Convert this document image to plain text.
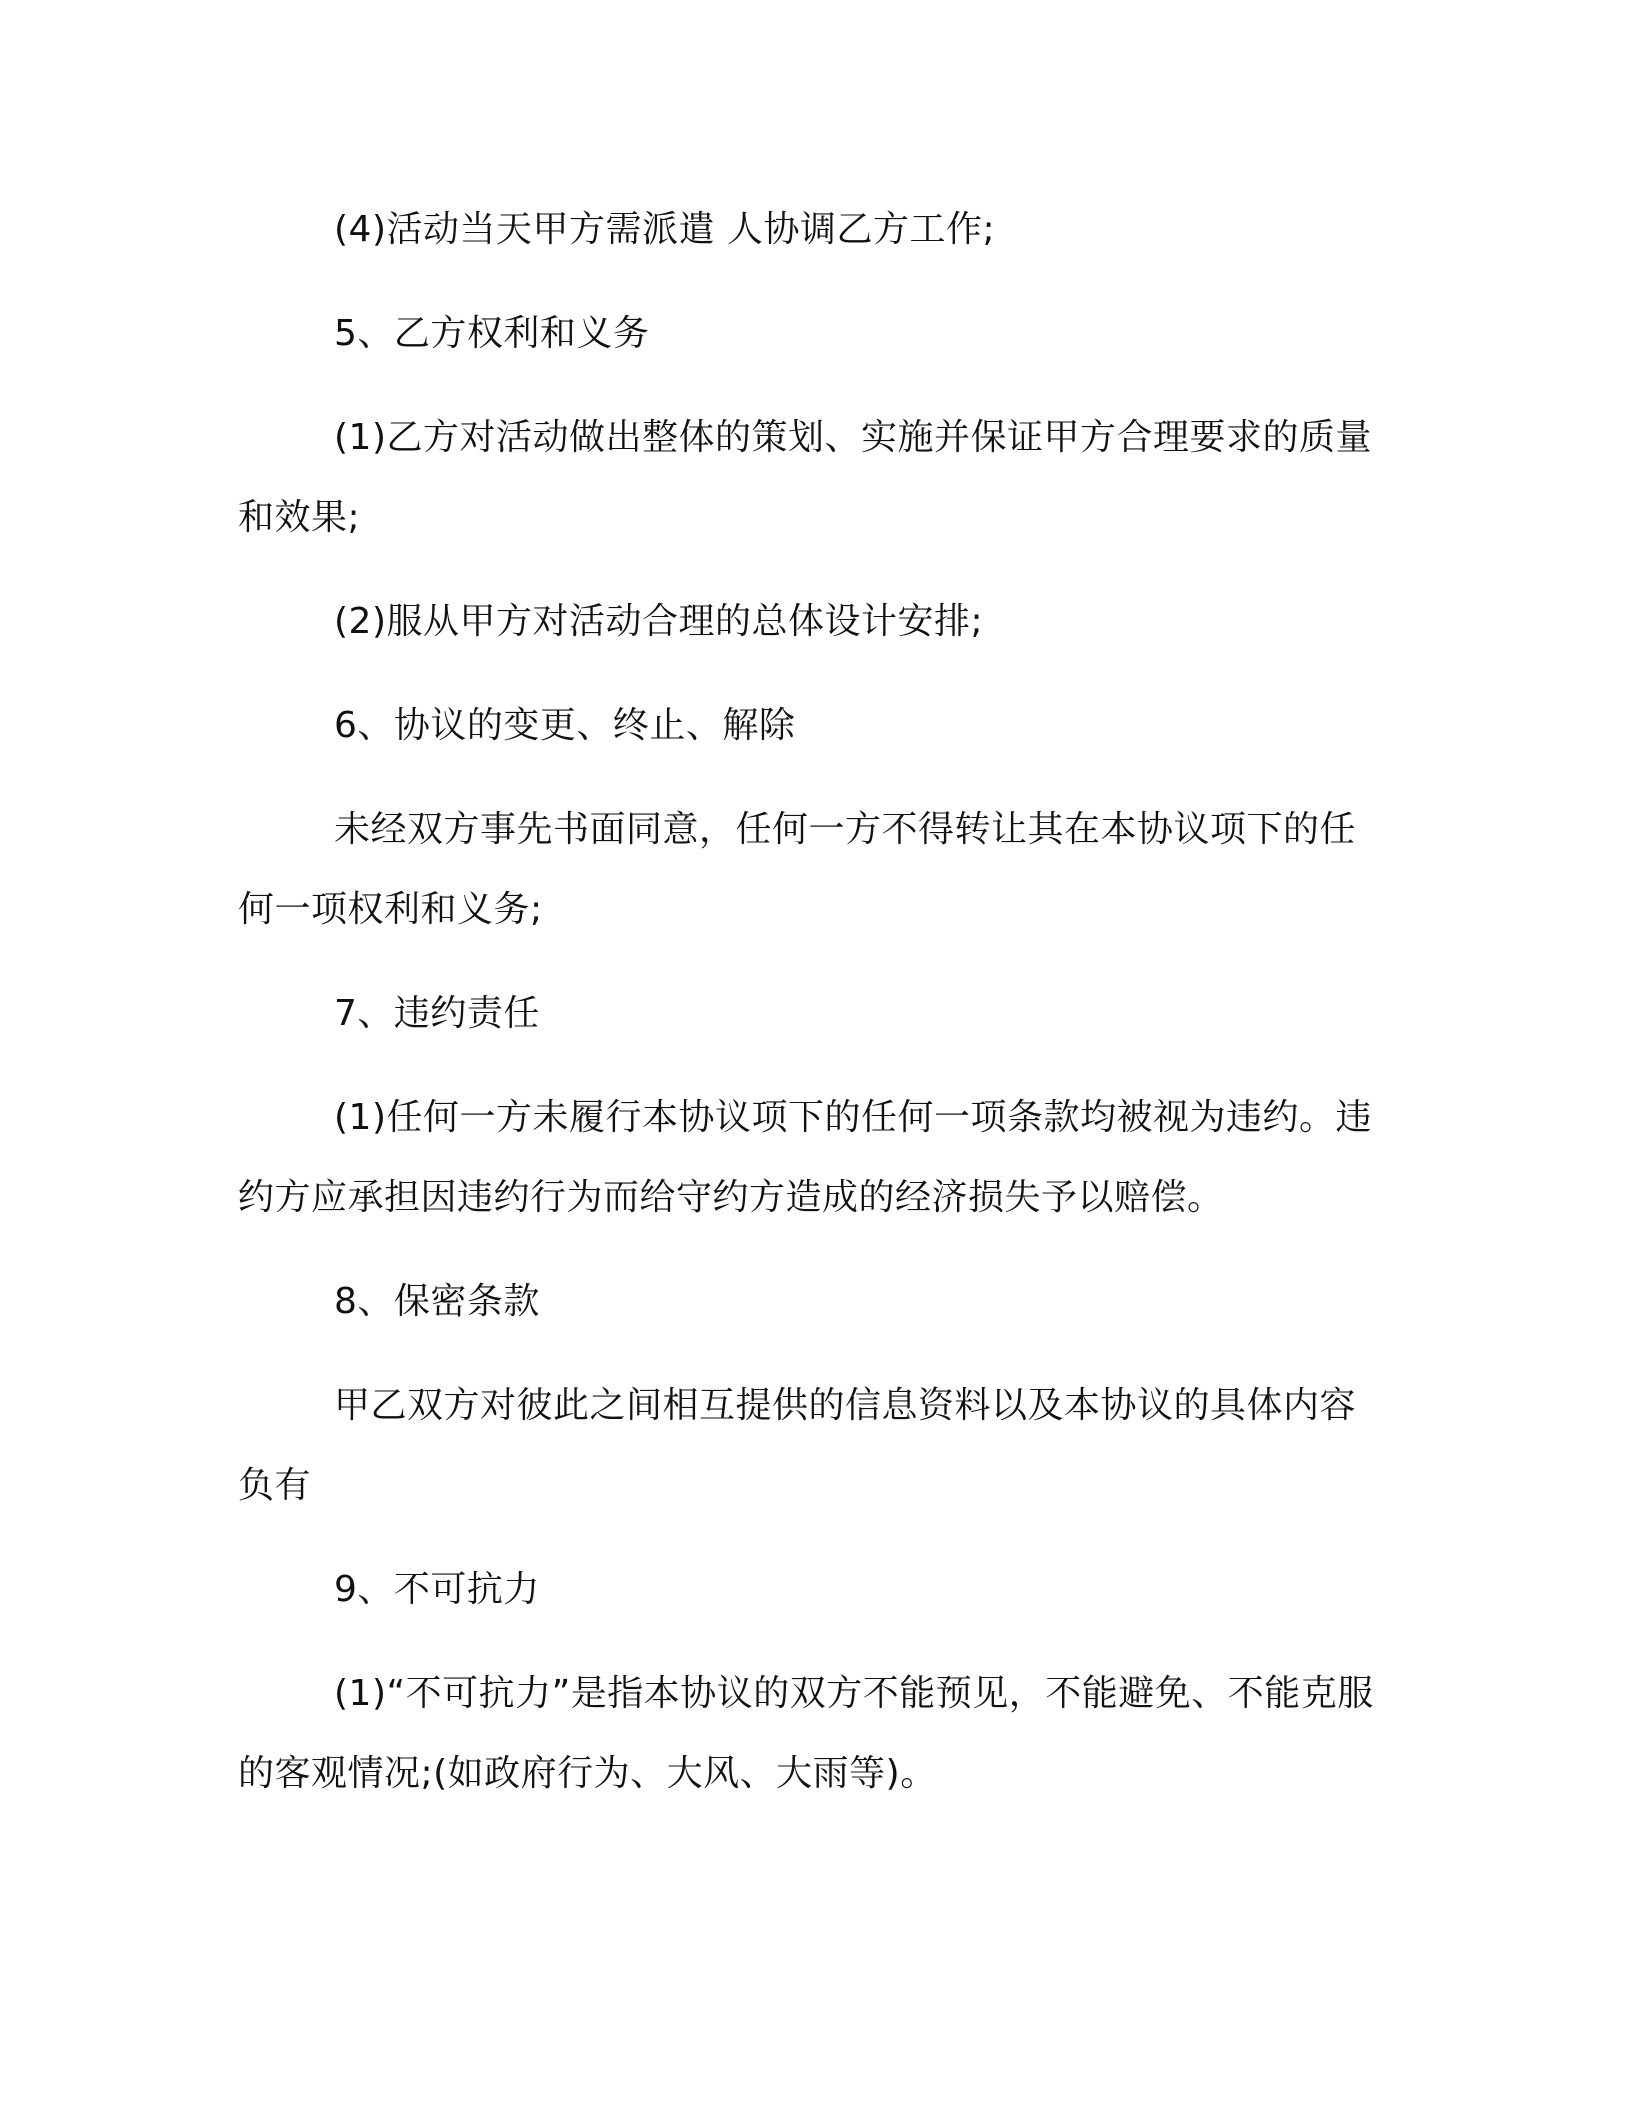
(4)活动当天甲方需派遣 人协调乙方工作;

5、乙方权利和义务

(1)乙方对活动做出整体的策划、实施并保证甲方合理要求的质量和效果;

(2)服从甲方对活动合理的总体设计安排;

6、协议的变更、终止、解除

未经双方事先书面同意，任何一方不得转让其在本协议项下的任何一项权利和义务;

7、违约责任

(1)任何一方未履行本协议项下的任何一项条款均被视为违约。违约方应承担因违约行为而给守约方造成的经济损失予以赔偿。

8、保密条款

甲乙双方对彼此之间相互提供的信息资料以及本协议的具体内容负有

9、不可抗力

(1)“不可抗力”是指本协议的双方不能预见，不能避免、不能克服的客观情况;(如政府行为、大风、大雨等)。
